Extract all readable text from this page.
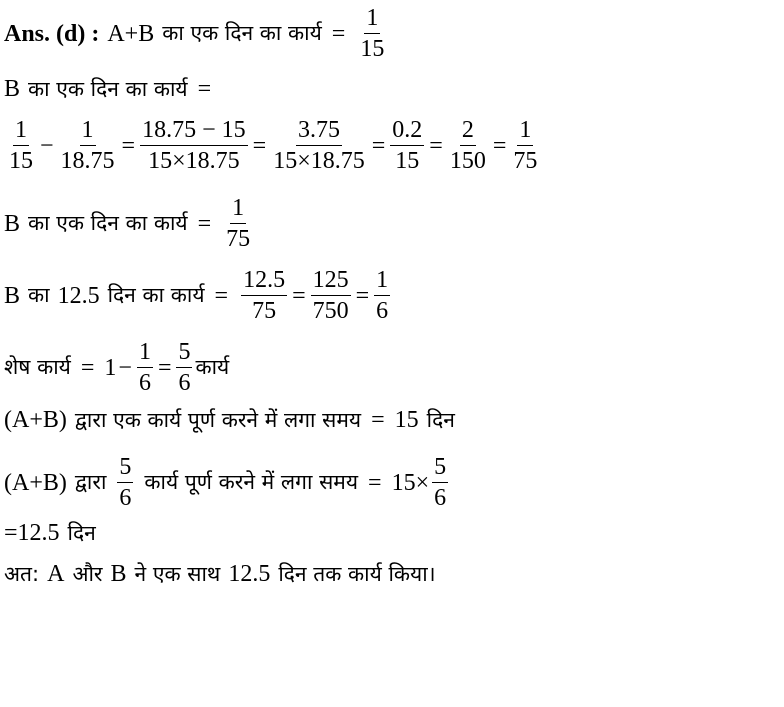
Ans. (d) : A+B का एक दिन का कार्य = $\frac{1}{15}$
B का एक दिन का कार्य =
$\frac{1}{15} - \frac{1}{18.75} = \frac{18.75 - 15}{15\times 18.75} = \frac{3.75}{15\times 18.75} = \frac{0.2}{15} = \frac{2}{150} = \frac{1}{75}$
B का एक दिन का कार्य = $\frac{1}{75}$
B का 12.5 दिन का कार्य = $\frac{12.5}{75} = \frac{125}{750} = \frac{1}{6}$
शेष कार्य = $1 - \frac{1}{6} = \frac{5}{6}$ कार्य
(A+B) द्वारा एक कार्य पूर्ण करने में लगा समय = 15 दिन
(A+B) द्वारा $\frac{5}{6}$ कार्य पूर्ण करने में लगा समय = $15\times \frac{5}{6}$
=12.5 दिन
अत: A और B ने एक साथ 12.5 दिन तक कार्य किया।
